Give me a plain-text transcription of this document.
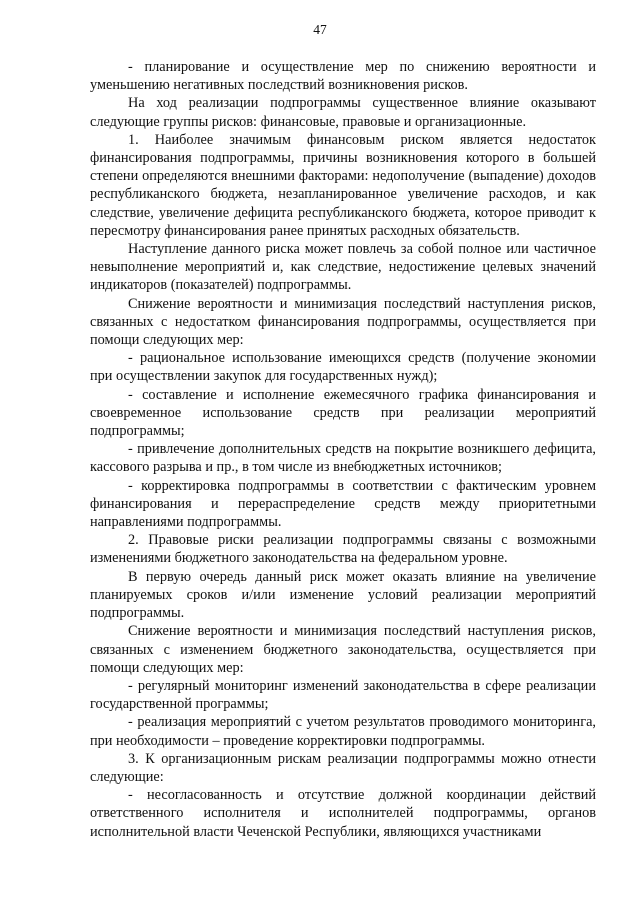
47

- планирование и осуществление мер по снижению вероятности и уменьшению негативных последствий возникновения рисков.

На ход реализации подпрограммы существенное влияние оказывают следующие группы рисков: финансовые, правовые и организационные.

1. Наиболее значимым финансовым риском является недостаток финансирования подпрограммы, причины возникновения которого в большей степени определяются внешними факторами: недополучение (выпадение) доходов республиканского бюджета, незапланированное увеличение расходов, и как следствие, увеличение дефицита республиканского бюджета, которое приводит к пересмотру финансирования ранее принятых расходных обязательств.

Наступление данного риска может повлечь за собой полное или частичное невыполнение мероприятий и, как следствие, недостижение целевых значений индикаторов (показателей) подпрограммы.

Снижение вероятности и минимизация последствий наступления рисков, связанных с недостатком финансирования подпрограммы, осуществляется при помощи следующих мер:

- рациональное использование имеющихся средств (получение экономии при осуществлении закупок для государственных нужд);

- составление и исполнение ежемесячного графика финансирования и своевременное использование средств при реализации мероприятий подпрограммы;

- привлечение дополнительных средств на покрытие возникшего дефицита, кассового разрыва и пр., в том числе из внебюджетных источников;

- корректировка подпрограммы в соответствии с фактическим уровнем финансирования и перераспределение средств между приоритетными направлениями подпрограммы.

2. Правовые риски реализации подпрограммы связаны с возможными изменениями бюджетного законодательства на федеральном уровне.

В первую очередь данный риск может оказать влияние на увеличение планируемых сроков и/или изменение условий реализации мероприятий подпрограммы.

Снижение вероятности и минимизация последствий наступления рисков, связанных с изменением бюджетного законодательства, осуществляется при помощи следующих мер:

- регулярный мониторинг изменений законодательства в сфере реализации государственной программы;

- реализация мероприятий с учетом результатов проводимого мониторинга, при необходимости – проведение корректировки подпрограммы.

3. К организационным рискам реализации подпрограммы можно отнести следующие:

- несогласованность и отсутствие должной координации действий ответственного исполнителя и исполнителей подпрограммы, органов исполнительной власти Чеченской Республики, являющихся участниками
